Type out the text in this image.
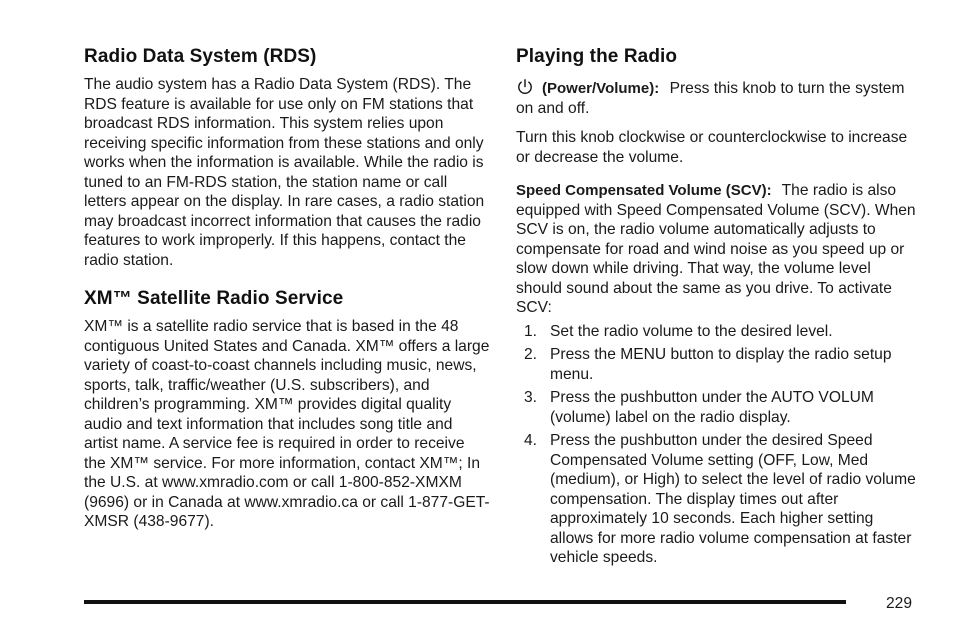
Radio Data System (RDS)

The audio system has a Radio Data System (RDS). The RDS feature is available for use only on FM stations that broadcast RDS information. This system relies upon receiving specific information from these stations and only works when the information is available. While the radio is tuned to an FM-RDS station, the station name or call letters appear on the display. In rare cases, a radio station may broadcast incorrect information that causes the radio features to work improperly. If this happens, contact the radio station.

XM™ Satellite Radio Service

XM™ is a satellite radio service that is based in the 48 contiguous United States and Canada. XM™ offers a large variety of coast-to-coast channels including music, news, sports, talk, traffic/weather (U.S. subscribers), and children’s programming. XM™ provides digital quality audio and text information that includes song title and artist name. A service fee is required in order to receive the XM™ service. For more information, contact XM™; In the U.S. at www.xmradio.com or call 1-800-852-XMXM (9696) or in Canada at www.xmradio.ca or call 1-877-GET-XMSR (438-9677).

Playing the Radio

(Power/Volume): Press this knob to turn the system on and off.

Turn this knob clockwise or counterclockwise to increase or decrease the volume.

Speed Compensated Volume (SCV): The radio is also equipped with Speed Compensated Volume (SCV). When SCV is on, the radio volume automatically adjusts to compensate for road and wind noise as you speed up or slow down while driving. That way, the volume level should sound about the same as you drive. To activate SCV:

1. Set the radio volume to the desired level.
2. Press the MENU button to display the radio setup menu.
3. Press the pushbutton under the AUTO VOLUM (volume) label on the radio display.
4. Press the pushbutton under the desired Speed Compensated Volume setting (OFF, Low, Med (medium), or High) to select the level of radio volume compensation. The display times out after approximately 10 seconds. Each higher setting allows for more radio volume compensation at faster vehicle speeds.
229
